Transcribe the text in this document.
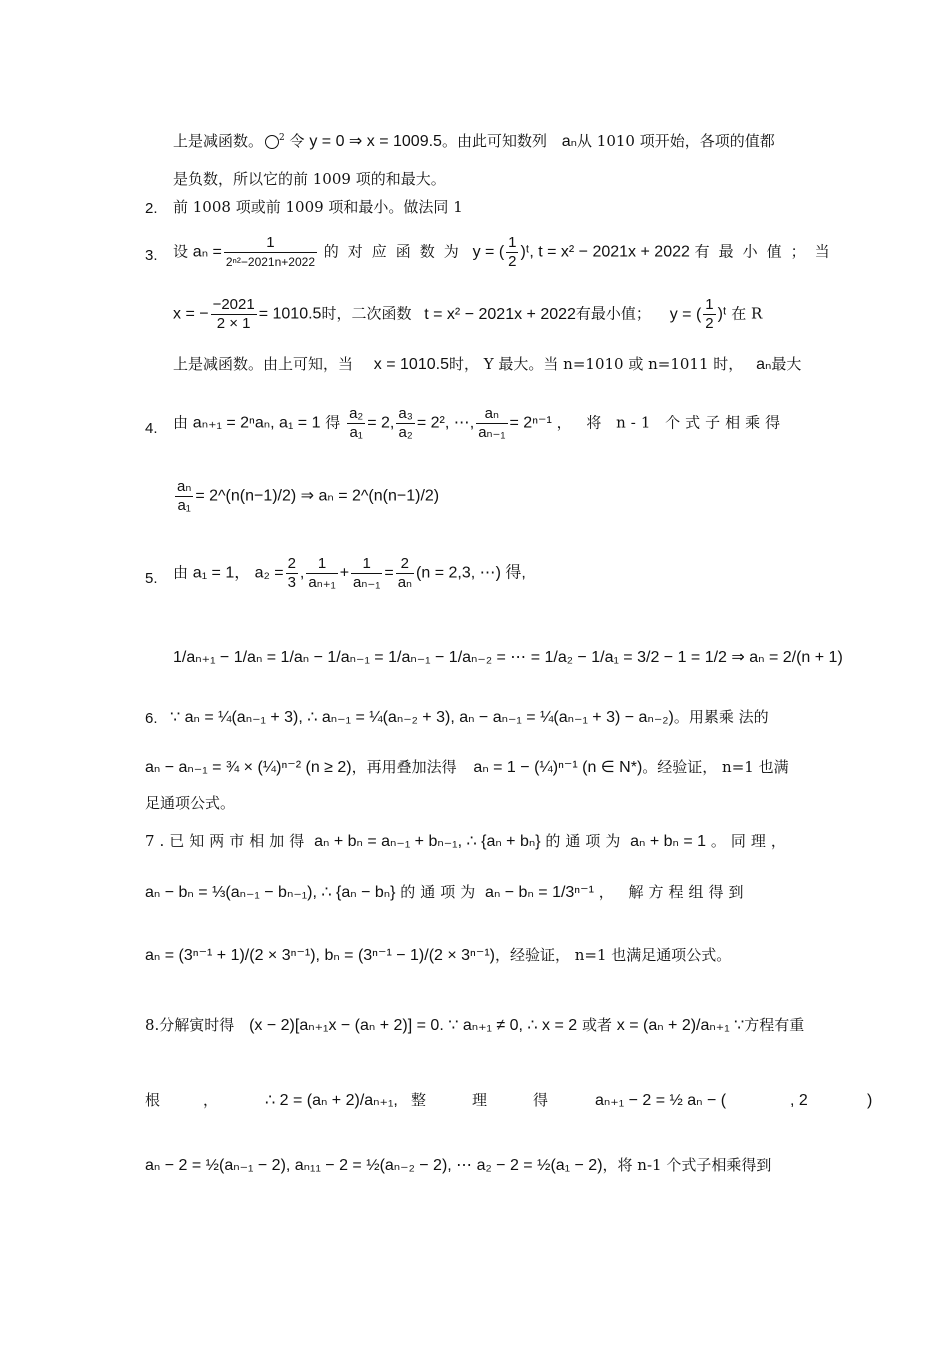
上是减函数。 $^2$ 令 y = 0 ⇒ x = 1009.5。由此可知数列 aₙ从 1010 项开始，各项的值都
是负数，所以它的前 1009 项的和最大。
2. 前 1008 项或前 1009 项和最小。做法同 1
3. 设 $a_n = \frac{1}{\text{2ⁿ²−2021n+2022}}$ 的对应函数为 y = ( $\frac{1}{2}$ )ᵗ, t = x² − 2021x + 2022 有最小值；当
x = − $\frac{-2021}{2 \times 1} = 1010.5$时，二次函数 t = x² − 2021x + 2022有最小值； y = ( $\frac{1}{2}$ )ᵗ 在 R
上是减函数。由上可知，当 x = 1010.5时， Y 最大。当 n=1010 或 n=1011 时， aₙ最大
4. 由 aₙ₊₁ = 2ⁿaₙ, a₁ = 1 得 $\frac{\text{a₂}}{\text{a₁}} = 2$, $\frac{\text{a₃}}{\text{a₂}} = 2^2$, ⋯, $\frac{\text{aₙ}}{\text{aₙ₋₁}} = 2^{n-1}$ ， 将 n-1 个式子相乘得
$\frac{\text{aₙ}}{\text{a₁}}$ = 2^(n(n−1)/2) ⇒ aₙ = 2^(n(n−1)/2)
5. 由 a₁ = 1， $a_2 = \frac{2}{3}$ , $\frac{1}{\text{aₙ₊₁}} + \frac{1}{\text{aₙ₋₁}} = \frac{2}{\text{aₙ}} (n = 2,3$, ⋯) 得,
1/aₙ₊₁ − 1/aₙ = 1/aₙ − 1/aₙ₋₁ = 1/aₙ₋₁ − 1/aₙ₋₂ = ⋯ = 1/a₂ − 1/a₁ = 3/2 − 1 = 1/2 ⇒ aₙ = 2/(n + 1)
6. ∵ aₙ = ¼(aₙ₋₁ + 3), ∴ aₙ₋₁ = ¼(aₙ₋₂ + 3), aₙ − aₙ₋₁ = ¼(aₙ₋₁ + 3) − aₙ₋₂)。用累乘 法的
aₙ − aₙ₋₁ = ¾ × (¼)ⁿ⁻² (n ≥ 2)，再用叠加法得 aₙ = 1 − (¼)ⁿ⁻¹ (n ∈ N*)。经验证， n=1 也满
足通项公式。
7.已知两市相加得 aₙ + bₙ = aₙ₋₁ + bₙ₋₁, ∴ {aₙ + bₙ} 的通项为 aₙ + bₙ = 1 。同理，
aₙ − bₙ = ⅓(aₙ₋₁ − bₙ₋₁), ∴ {aₙ − bₙ} 的通项为 aₙ − bₙ = 1/3ⁿ⁻¹ ， 解方程组得到
aₙ = (3ⁿ⁻¹ + 1)/(2 × 3ⁿ⁻¹), bₙ = (3ⁿ⁻¹ − 1)/(2 × 3ⁿ⁻¹)，经验证， n=1 也满足通项公式。
8.分解寅时得 (x − 2)[aₙ₊₁x − (aₙ + 2)] = 0. ∵ aₙ₊₁ ≠ 0, ∴ x = 2 或者 x = (aₙ + 2)/aₙ₊₁ ∵方程有重
根	，	∴ 2 = (aₙ + 2)/aₙ₊₁, 整理得 aₙ₊₁ − 2 = ½ aₙ − (	, 2	)
aₙ − 2 = ½(aₙ₋₁ − 2), aₙ₁₁ − 2 = ½(aₙ₋₂ − 2), ⋯ a₂ − 2 = ½(a₁ − 2)，将 n-1 个式子相乘得到
